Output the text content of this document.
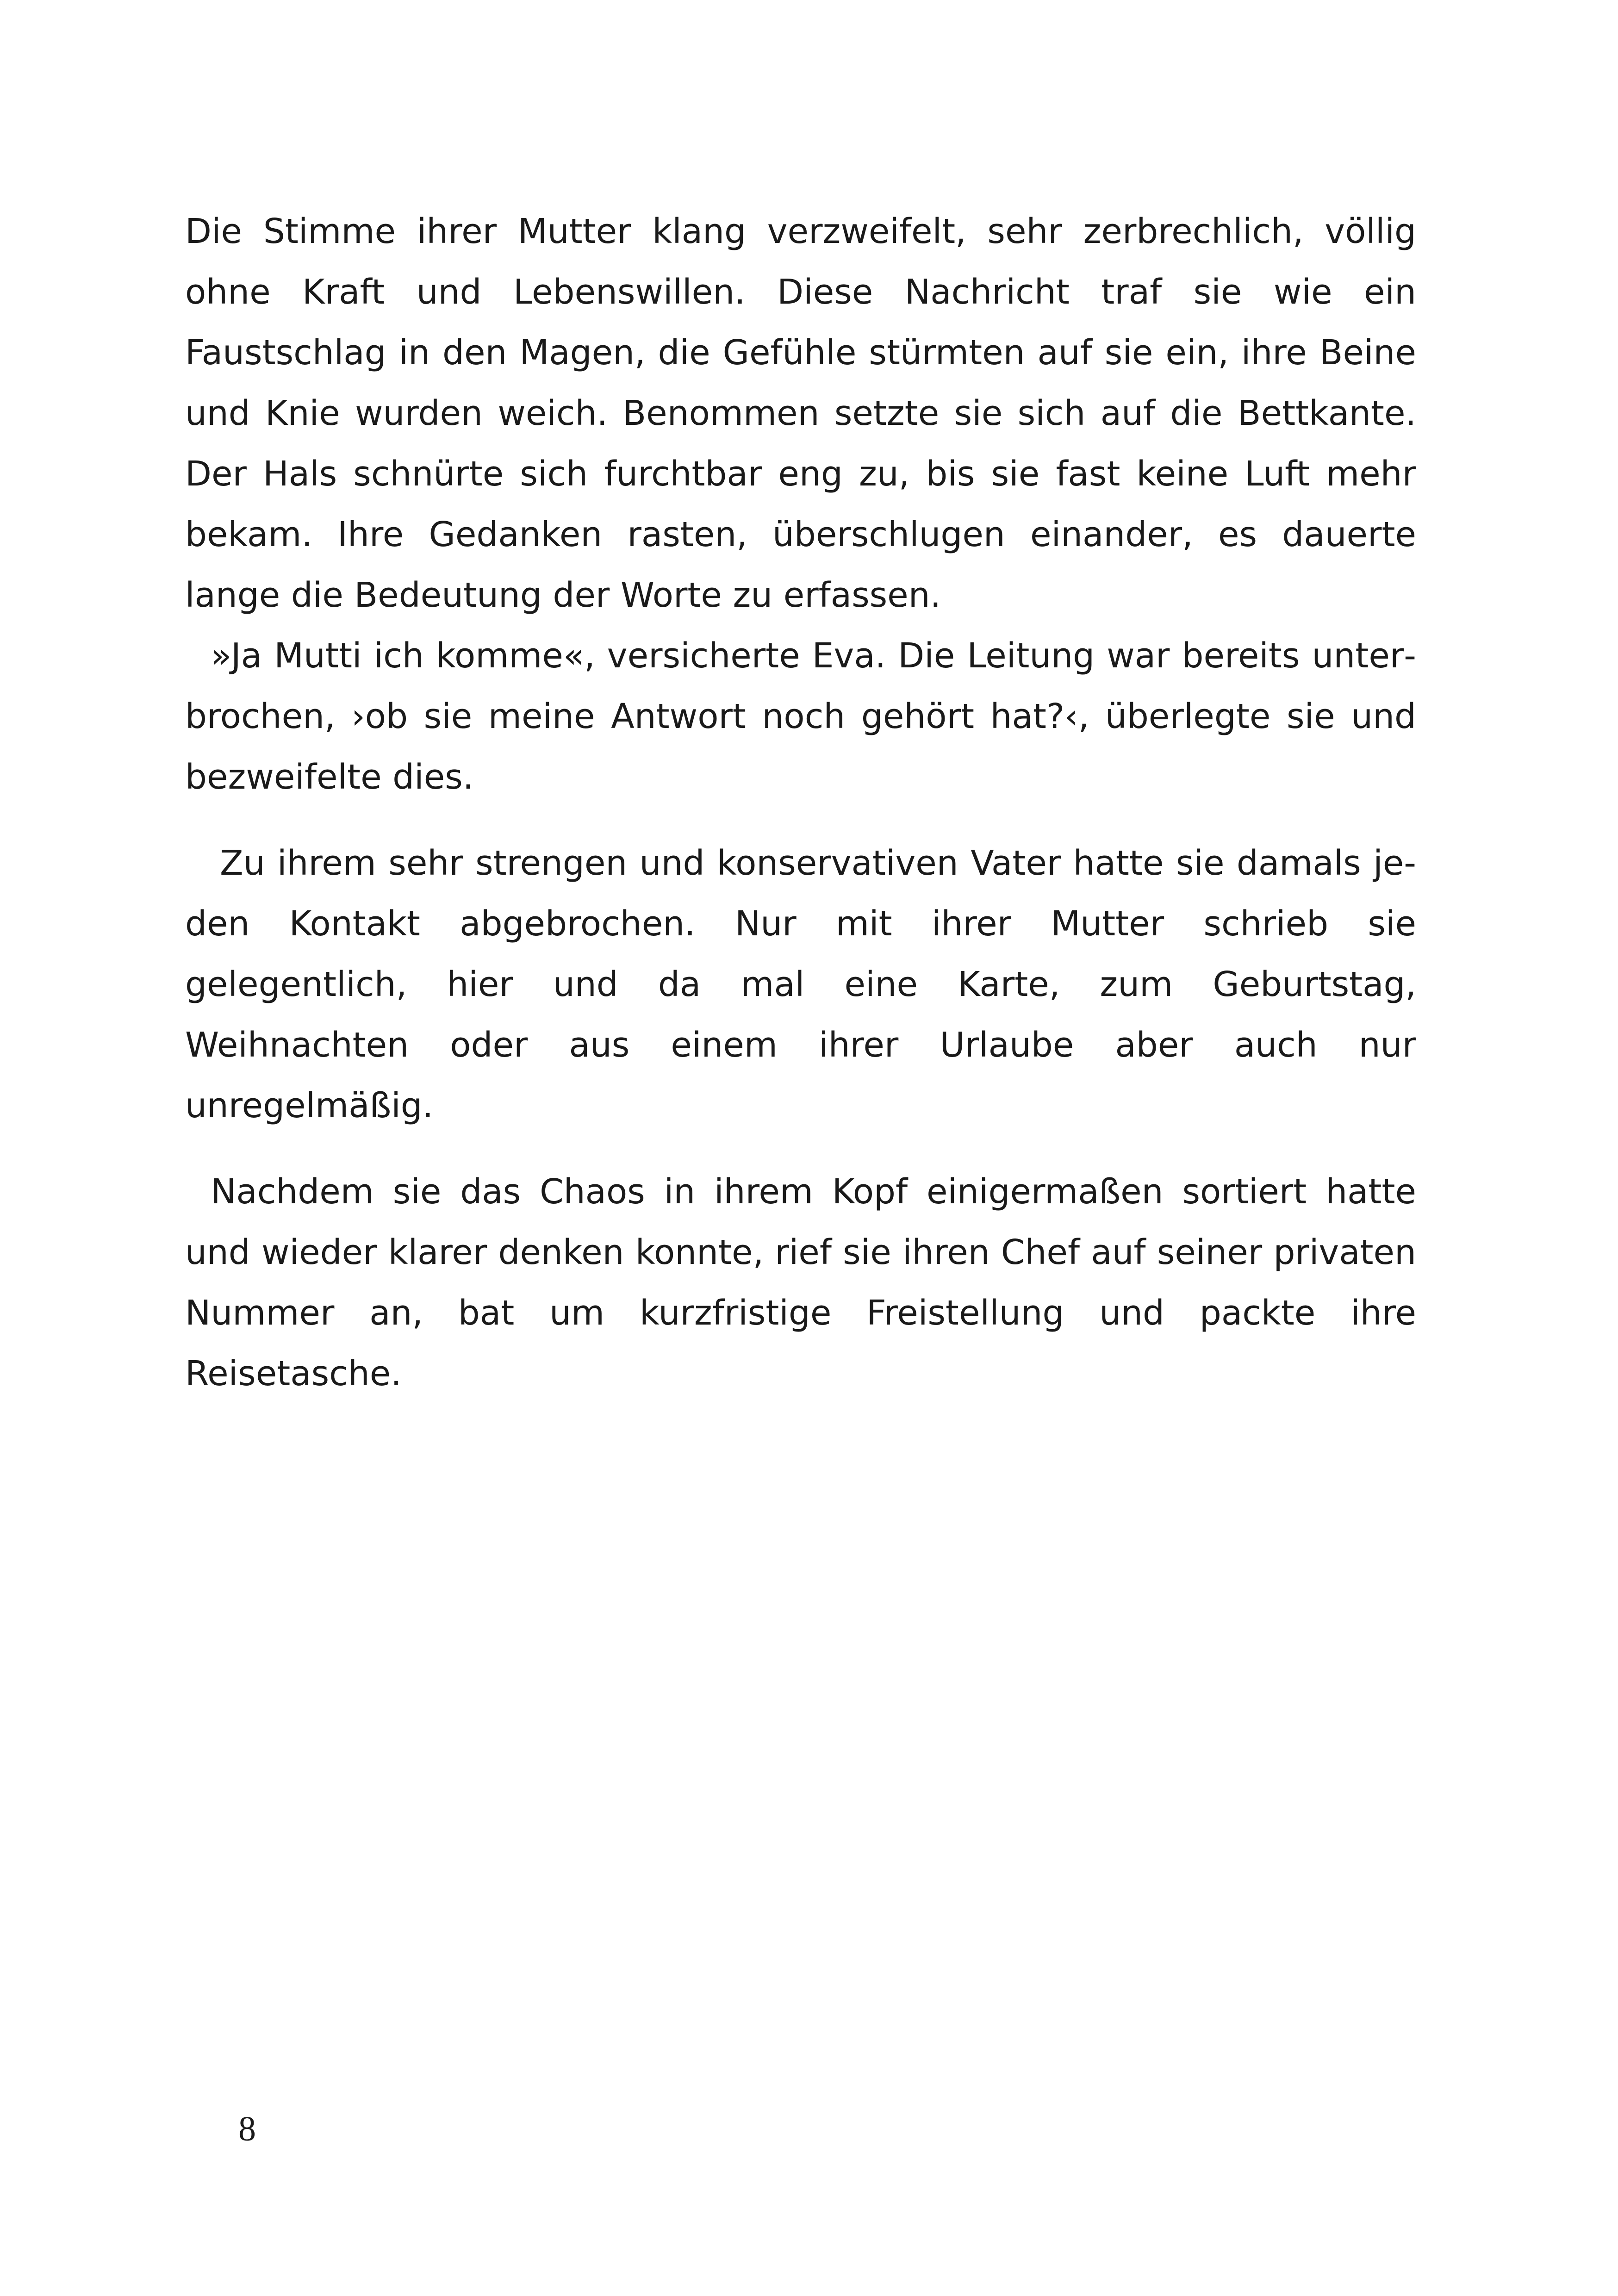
Die Stimme ihrer Mutter klang verzweifelt, sehr zerbrechlich, völlig ohne Kraft und Lebenswillen. Diese Nachricht traf sie wie ein Faustschlag in den Magen, die Gefühle stürmten auf sie ein, ihre Beine und Knie wurden weich. Benommen setzte sie sich auf die Bettkante. Der Hals schnürte sich furchtbar eng zu, bis sie fast keine Luft mehr bekam. Ihre Gedanken rasten, überschlugen einander, es dauerte lange die Bedeutung der Worte zu erfassen.

»Ja Mutti ich komme«, versicherte Eva. Die Leitung war bereits unterbrochen, ›ob sie meine Antwort noch gehört hat?‹, überlegte sie und bezweifelte dies.

Zu ihrem sehr strengen und konservativen Vater hatte sie damals jeden Kontakt abgebrochen. Nur mit ihrer Mutter schrieb sie gelegentlich, hier und da mal eine Karte, zum Geburtstag, Weihnachten oder aus einem ihrer Urlaube aber auch nur unregelmäßig.

Nachdem sie das Chaos in ihrem Kopf einigermaßen sortiert hatte und wieder klarer denken konnte, rief sie ihren Chef auf seiner privaten Nummer an, bat um kurzfristige Freistellung und packte ihre Reisetasche.

8
